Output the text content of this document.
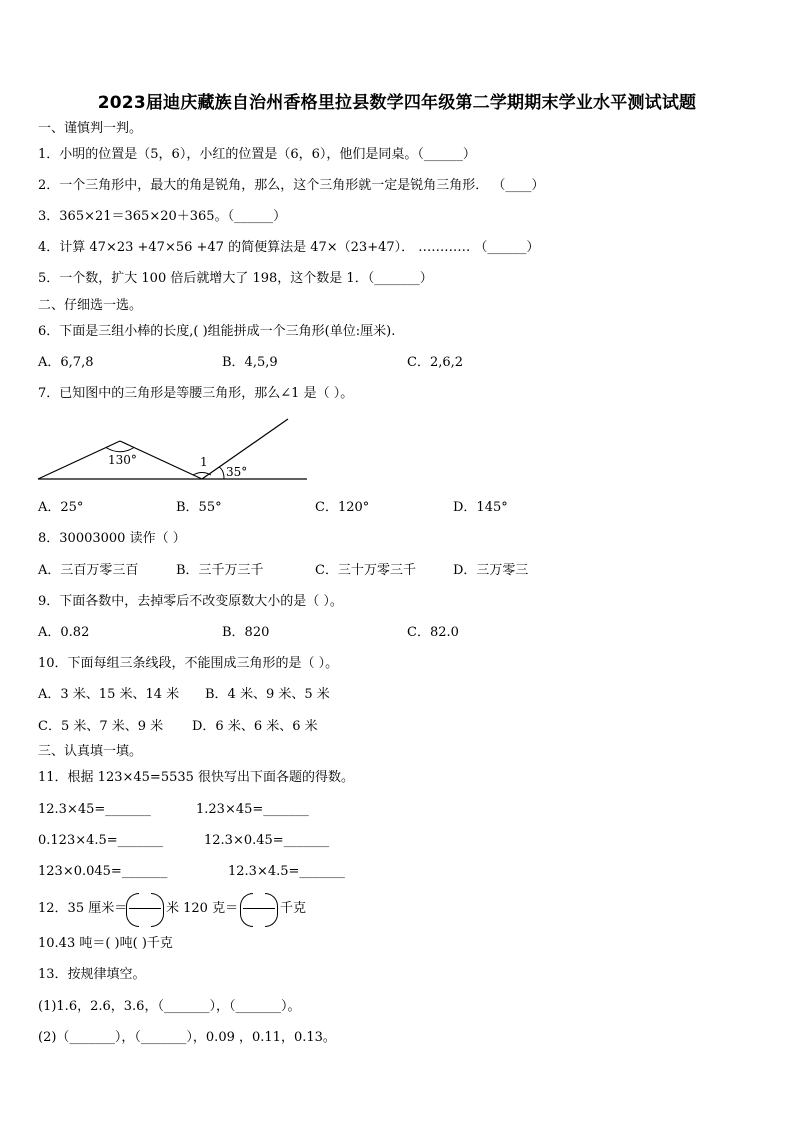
2023届迪庆藏族自治州香格里拉县数学四年级第二学期期末学业水平测试试题
一、谨慎判一判。
1．小明的位置是（5，6），小红的位置是（6，6），他们是同桌。（______）
2．一个三角形中，最大的角是锐角，那么，这个三角形就一定是锐角三角形． （____）
3．365×21＝365×20＋365。（______）
4．计算 47×23 +47×56 +47 的简便算法是 47×（23+47）． ………… （______）
5．一个数，扩大 100 倍后就增大了 198，这个数是 1．（_______）
二、仔细选一选。
6．下面是三组小棒的长度,( )组能拼成一个三角形(单位:厘米).
A．6,7,8	B．4,5,9	C．2,6,2
7．已知图中的三角形是等腰三角形，那么∠1 是（ ）。
130°	1
35°
A．25°	B．55°	C．120°	D．145°
8．30003000 读作（ ）
A．三百万零三百	B．三千万三千	C．三十万零三千	D．三万零三
9．下面各数中，去掉零后不改变原数大小的是（ ）。
A．0.82	B．820	C．82.0
10．下面每组三条线段，不能围成三角形的是（ ）。
A．3 米、15 米、14 米 B．4 米、9 米、5 米
C．5 米、7 米、9 米 D．6 米、6 米、6 米
三、认真填一填。
11．根据 123×45=5535 很快写出下面各题的得数。
12.3×45=_______	1.23×45=_______
0.123×4.5=_______	12.3×0.45=_______
123×0.045=_______	12.3×4.5=_______
12．35 厘米＝	米 120 克＝	千克
10.43 吨＝( )吨( )千克
13．按规律填空。
(1)1.6，2.6，3.6，（_______），（_______）。
(2)（_______），（_______），0.09 ，0.11，0.13。
